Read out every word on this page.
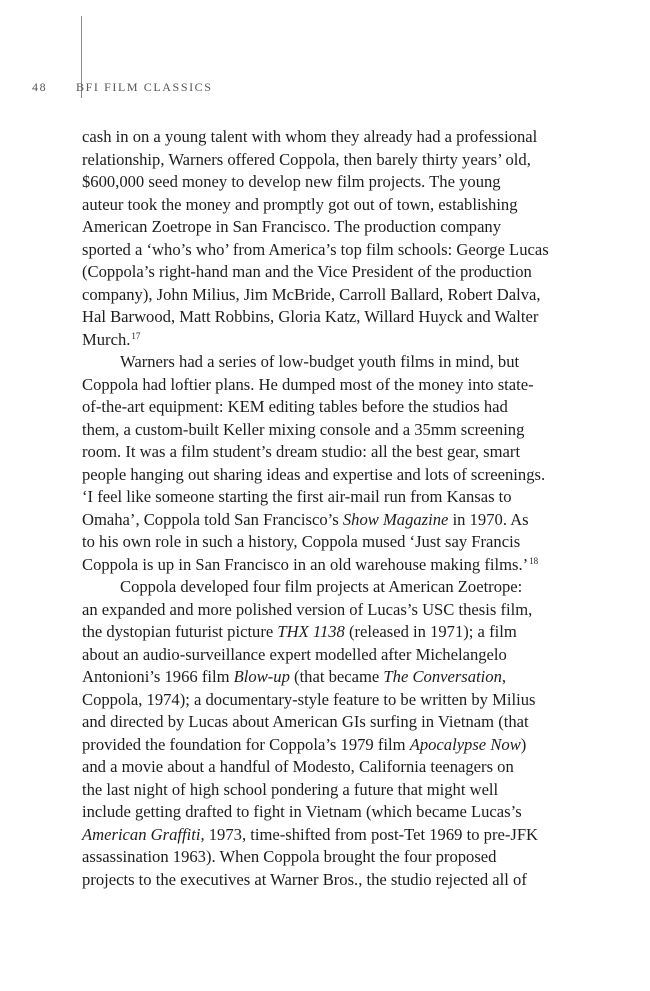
48 BFI FILM CLASSICS
cash in on a young talent with whom they already had a professional
relationship, Warners offered Coppola, then barely thirty years’ old,
$600,000 seed money to develop new film projects. The young
auteur took the money and promptly got out of town, establishing
American Zoetrope in San Francisco. The production company
sported a ‘who’s who’ from America’s top film schools: George Lucas
(Coppola’s right-hand man and the Vice President of the production
company), John Milius, Jim McBride, Carroll Ballard, Robert Dalva,
Hal Barwood, Matt Robbins, Gloria Katz, Willard Huyck and Walter
Murch.$^{17}$
Warners had a series of low-budget youth films in mind, but
Coppola had loftier plans. He dumped most of the money into state-
of-the-art equipment: KEM editing tables before the studios had
them, a custom-built Keller mixing console and a 35mm screening
room. It was a film student’s dream studio: all the best gear, smart
people hanging out sharing ideas and expertise and lots of screenings.
‘I feel like someone starting the first air-mail run from Kansas to
Omaha’, Coppola told San Francisco’s Show Magazine in 1970. As
to his own role in such a history, Coppola mused ‘Just say Francis
Coppola is up in San Francisco in an old warehouse making films.’$^{18}$
Coppola developed four film projects at American Zoetrope:
an expanded and more polished version of Lucas’s USC thesis film,
the dystopian futurist picture THX 1138 (released in 1971); a film
about an audio-surveillance expert modelled after Michelangelo
Antonioni’s 1966 film Blow-up (that became The Conversation,
Coppola, 1974); a documentary-style feature to be written by Milius
and directed by Lucas about American GIs surfing in Vietnam (that
provided the foundation for Coppola’s 1979 film Apocalypse Now)
and a movie about a handful of Modesto, California teenagers on
the last night of high school pondering a future that might well
include getting drafted to fight in Vietnam (which became Lucas’s
American Graffiti, 1973, time-shifted from post-Tet 1969 to pre-JFK
assassination 1963). When Coppola brought the four proposed
projects to the executives at Warner Bros., the studio rejected all of
